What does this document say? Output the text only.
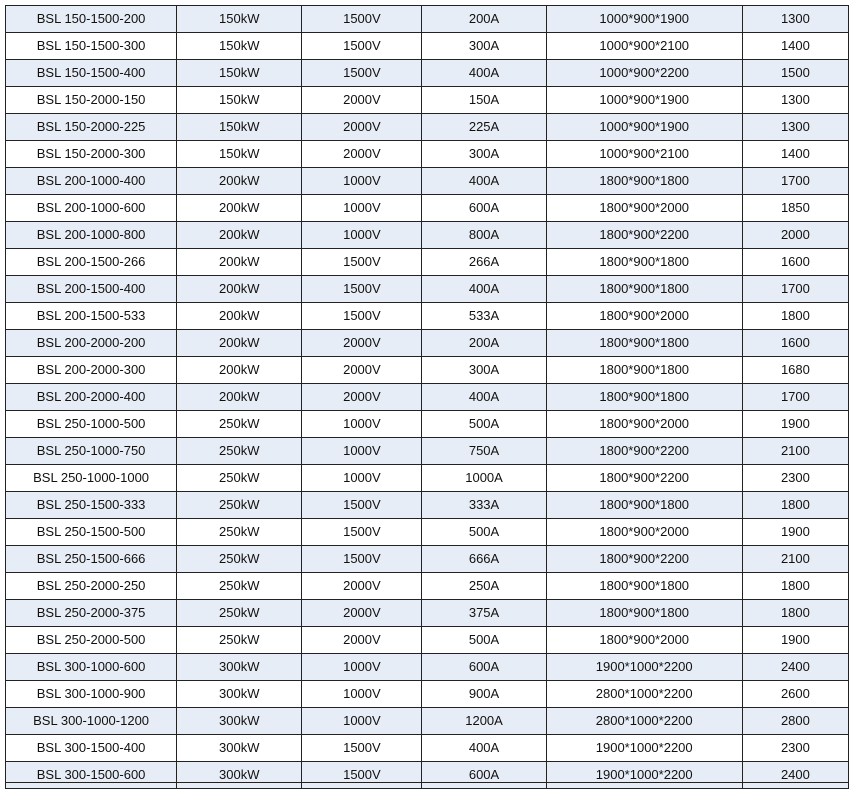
BSL 150-1500-200	150kW	1500V	200A	1000*900*1900	1300
BSL 150-1500-300	150kW	1500V	300A	1000*900*2100	1400
BSL 150-1500-400	150kW	1500V	400A	1000*900*2200	1500
BSL 150-2000-150	150kW	2000V	150A	1000*900*1900	1300
BSL 150-2000-225	150kW	2000V	225A	1000*900*1900	1300
BSL 150-2000-300	150kW	2000V	300A	1000*900*2100	1400
BSL 200-1000-400	200kW	1000V	400A	1800*900*1800	1700
BSL 200-1000-600	200kW	1000V	600A	1800*900*2000	1850
BSL 200-1000-800	200kW	1000V	800A	1800*900*2200	2000
BSL 200-1500-266	200kW	1500V	266A	1800*900*1800	1600
BSL 200-1500-400	200kW	1500V	400A	1800*900*1800	1700
BSL 200-1500-533	200kW	1500V	533A	1800*900*2000	1800
BSL 200-2000-200	200kW	2000V	200A	1800*900*1800	1600
BSL 200-2000-300	200kW	2000V	300A	1800*900*1800	1680
BSL 200-2000-400	200kW	2000V	400A	1800*900*1800	1700
BSL 250-1000-500	250kW	1000V	500A	1800*900*2000	1900
BSL 250-1000-750	250kW	1000V	750A	1800*900*2200	2100
BSL 250-1000-1000	250kW	1000V	1000A	1800*900*2200	2300
BSL 250-1500-333	250kW	1500V	333A	1800*900*1800	1800
BSL 250-1500-500	250kW	1500V	500A	1800*900*2000	1900
BSL 250-1500-666	250kW	1500V	666A	1800*900*2200	2100
BSL 250-2000-250	250kW	2000V	250A	1800*900*1800	1800
BSL 250-2000-375	250kW	2000V	375A	1800*900*1800	1800
BSL 250-2000-500	250kW	2000V	500A	1800*900*2000	1900
BSL 300-1000-600	300kW	1000V	600A	1900*1000*2200	2400
BSL 300-1000-900	300kW	1000V	900A	2800*1000*2200	2600
BSL 300-1000-1200	300kW	1000V	1200A	2800*1000*2200	2800
BSL 300-1500-400	300kW	1500V	400A	1900*1000*2200	2300
BSL 300-1500-600	300kW	1500V	600A	1900*1000*2200	2400
